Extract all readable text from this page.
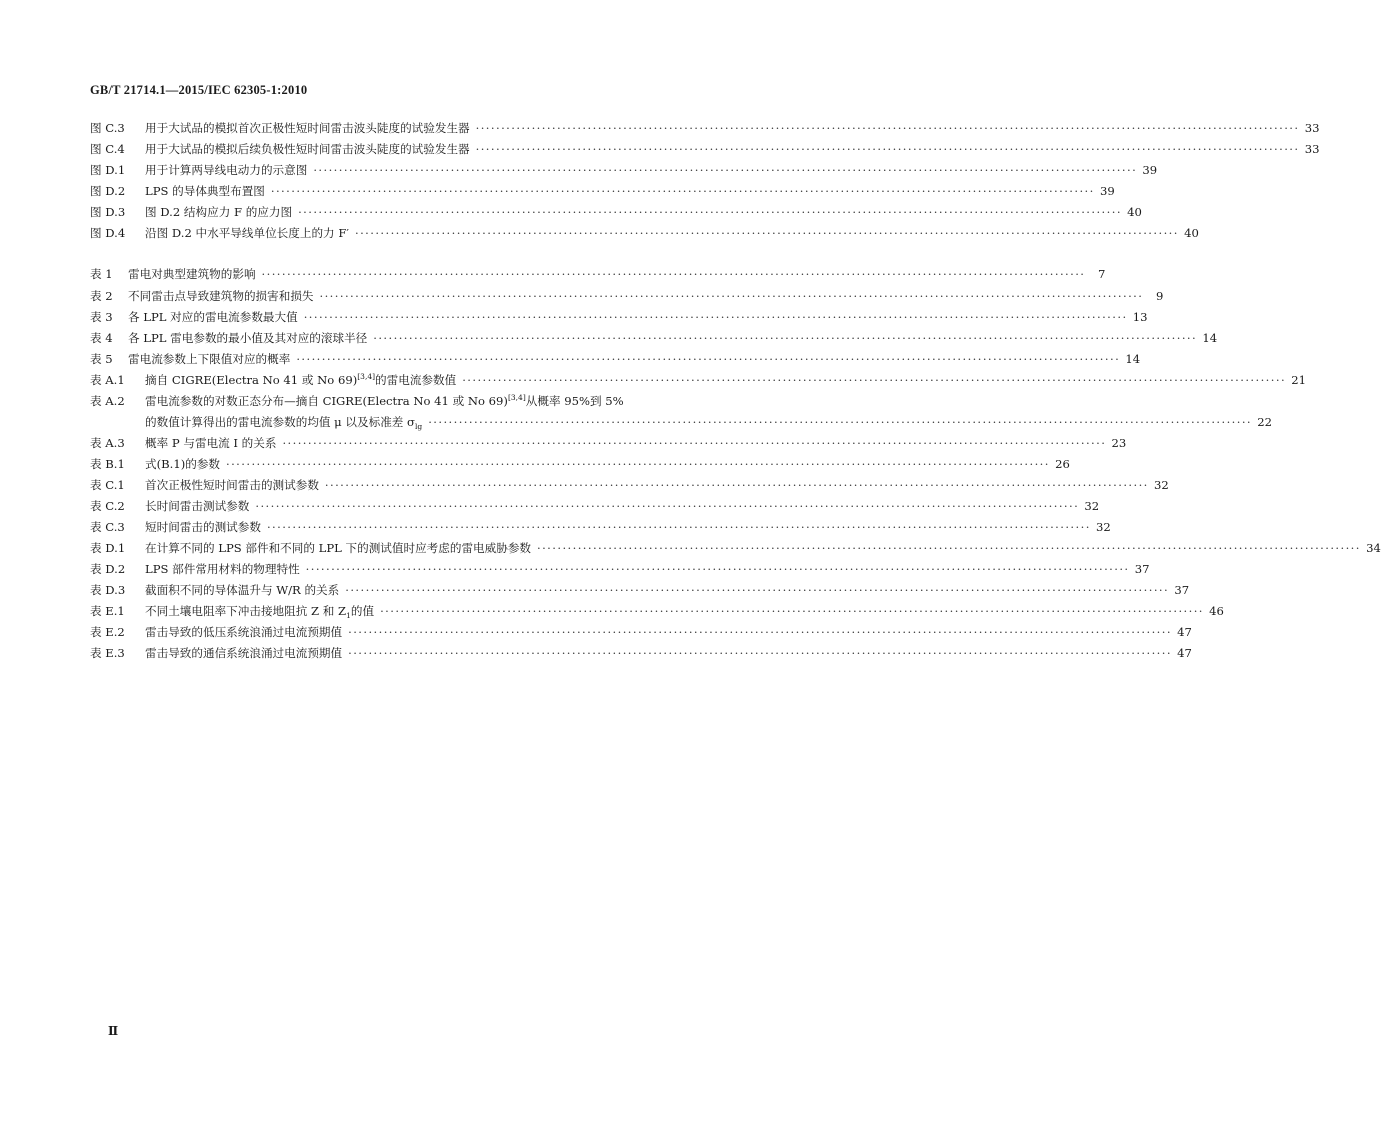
GB/T 21714.1—2015/IEC 62305-1:2010
图 C.3	用于大试品的模拟首次正极性短时间雷击波头陡度的试验发生器 ·····	33
图 C.4	用于大试品的模拟后续负极性短时间雷击波头陡度的试验发生器 ·····	33
图 D.1	用于计算两导线电动力的示意图 ·····	39
图 D.2	LPS 的导体典型布置图 ·····	39
图 D.3	图 D.2 结构应力 F 的应力图 ·····	40
图 D.4	沿图 D.2 中水平导线单位长度上的力 F′ ·····	40
表 1	雷电对典型建筑物的影响 ·····	7
表 2	不同雷击点导致建筑物的损害和损失 ·····	9
表 3	各 LPL 对应的雷电流参数最大值 ·····	13
表 4	各 LPL 雷电参数的最小值及其对应的滚球半径 ·····	14
表 5	雷电流参数上下限值对应的概率 ·····	14
表 A.1	摘自 CIGRE(Electra No 41 或 No 69)[3,4]的雷电流参数值 ·····	21
表 A.2 雷电流参数的对数正态分布—摘自 CIGRE(Electra No 41 或 No 69)[3,4]从概率 95%到 5%
的数值计算得出的雷电流参数的均值 μ 以及标准差 $\sigma_{lg}$ ·····	22
表 A.3	概率 P 与雷电流 I 的关系 ·····	23
表 B.1	式(B.1)的参数 ·····	26
表 C.1	首次正极性短时间雷击的测试参数 ·····	32
表 C.2	长时间雷击测试参数 ·····	32
表 C.3	短时间雷击的测试参数 ·····	32
表 D.1	在计算不同的 LPS 部件和不同的 LPL 下的测试值时应考虑的雷电威胁参数 ·····	34
表 D.2	LPS 部件常用材料的物理特性 ·····	37
表 D.3	截面积不同的导体温升与 W/R 的关系 ·····	37
表 E.1	不同土壤电阻率下冲击接地阻抗 Z 和 $Z_1$的值 ·····	46
表 E.2	雷击导致的低压系统浪涌过电流预期值 ·····	47
表 E.3	雷击导致的通信系统浪涌过电流预期值 ·····	47
Ⅱ
